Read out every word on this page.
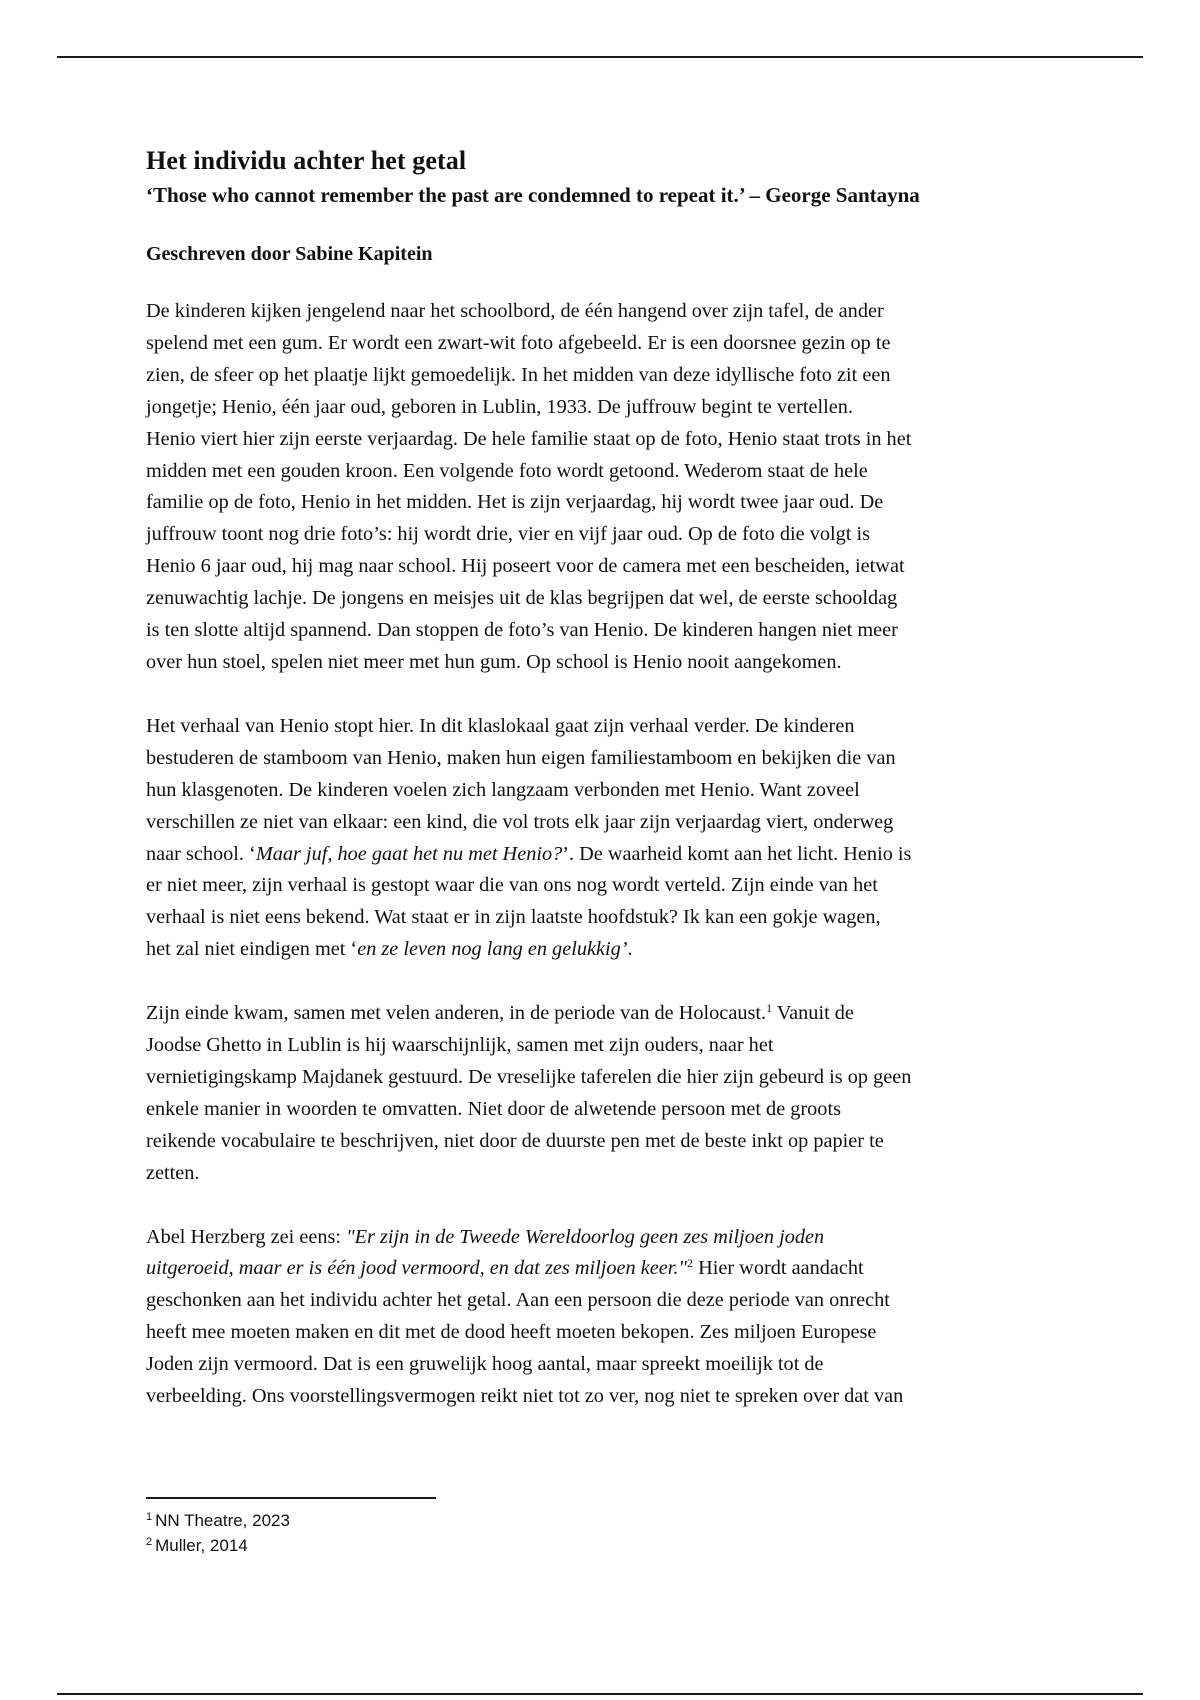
Het individu achter het getal

‘Those who cannot remember the past are condemned to repeat it.’ – George Santayna

Geschreven door Sabine Kapitein

De kinderen kijken jengelend naar het schoolbord, de één hangend over zijn tafel, de ander
spelend met een gum. Er wordt een zwart-wit foto afgebeeld. Er is een doorsnee gezin op te
zien, de sfeer op het plaatje lijkt gemoedelijk. In het midden van deze idyllische foto zit een
jongetje; Henio, één jaar oud, geboren in Lublin, 1933. De juffrouw begint te vertellen.
Henio viert hier zijn eerste verjaardag. De hele familie staat op de foto, Henio staat trots in het
midden met een gouden kroon. Een volgende foto wordt getoond. Wederom staat de hele
familie op de foto, Henio in het midden. Het is zijn verjaardag, hij wordt twee jaar oud. De
juffrouw toont nog drie foto’s: hij wordt drie, vier en vijf jaar oud. Op de foto die volgt is
Henio 6 jaar oud, hij mag naar school. Hij poseert voor de camera met een bescheiden, ietwat
zenuwachtig lachje. De jongens en meisjes uit de klas begrijpen dat wel, de eerste schooldag
is ten slotte altijd spannend. Dan stoppen de foto’s van Henio. De kinderen hangen niet meer
over hun stoel, spelen niet meer met hun gum. Op school is Henio nooit aangekomen.

Het verhaal van Henio stopt hier. In dit klaslokaal gaat zijn verhaal verder. De kinderen
bestuderen de stamboom van Henio, maken hun eigen familiestamboom en bekijken die van
hun klasgenoten. De kinderen voelen zich langzaam verbonden met Henio. Want zoveel
verschillen ze niet van elkaar: een kind, die vol trots elk jaar zijn verjaardag viert, onderweg
naar school. ‘Maar juf, hoe gaat het nu met Henio?’. De waarheid komt aan het licht. Henio is
er niet meer, zijn verhaal is gestopt waar die van ons nog wordt verteld. Zijn einde van het
verhaal is niet eens bekend. Wat staat er in zijn laatste hoofdstuk? Ik kan een gokje wagen,
het zal niet eindigen met ‘en ze leven nog lang en gelukkig’.

Zijn einde kwam, samen met velen anderen, in de periode van de Holocaust.$^1$ Vanuit de
Joodse Ghetto in Lublin is hij waarschijnlijk, samen met zijn ouders, naar het
vernietigingskamp Majdanek gestuurd. De vreselijke taferelen die hier zijn gebeurd is op geen
enkele manier in woorden te omvatten. Niet door de alwetende persoon met de groots
reikende vocabulaire te beschrijven, niet door de duurste pen met de beste inkt op papier te
zetten.

Abel Herzberg zei eens: "Er zijn in de Tweede Wereldoorlog geen zes miljoen joden
uitgeroeid, maar er is één jood vermoord, en dat zes miljoen keer."$^2$ Hier wordt aandacht
geschonken aan het individu achter het getal. Aan een persoon die deze periode van onrecht
heeft mee moeten maken en dit met de dood heeft moeten bekopen. Zes miljoen Europese
Joden zijn vermoord. Dat is een gruwelijk hoog aantal, maar spreekt moeilijk tot de
verbeelding. Ons voorstellingsvermogen reikt niet tot zo ver, nog niet te spreken over dat van

$^1$ NN Theatre, 2023
$^2$ Muller, 2014
